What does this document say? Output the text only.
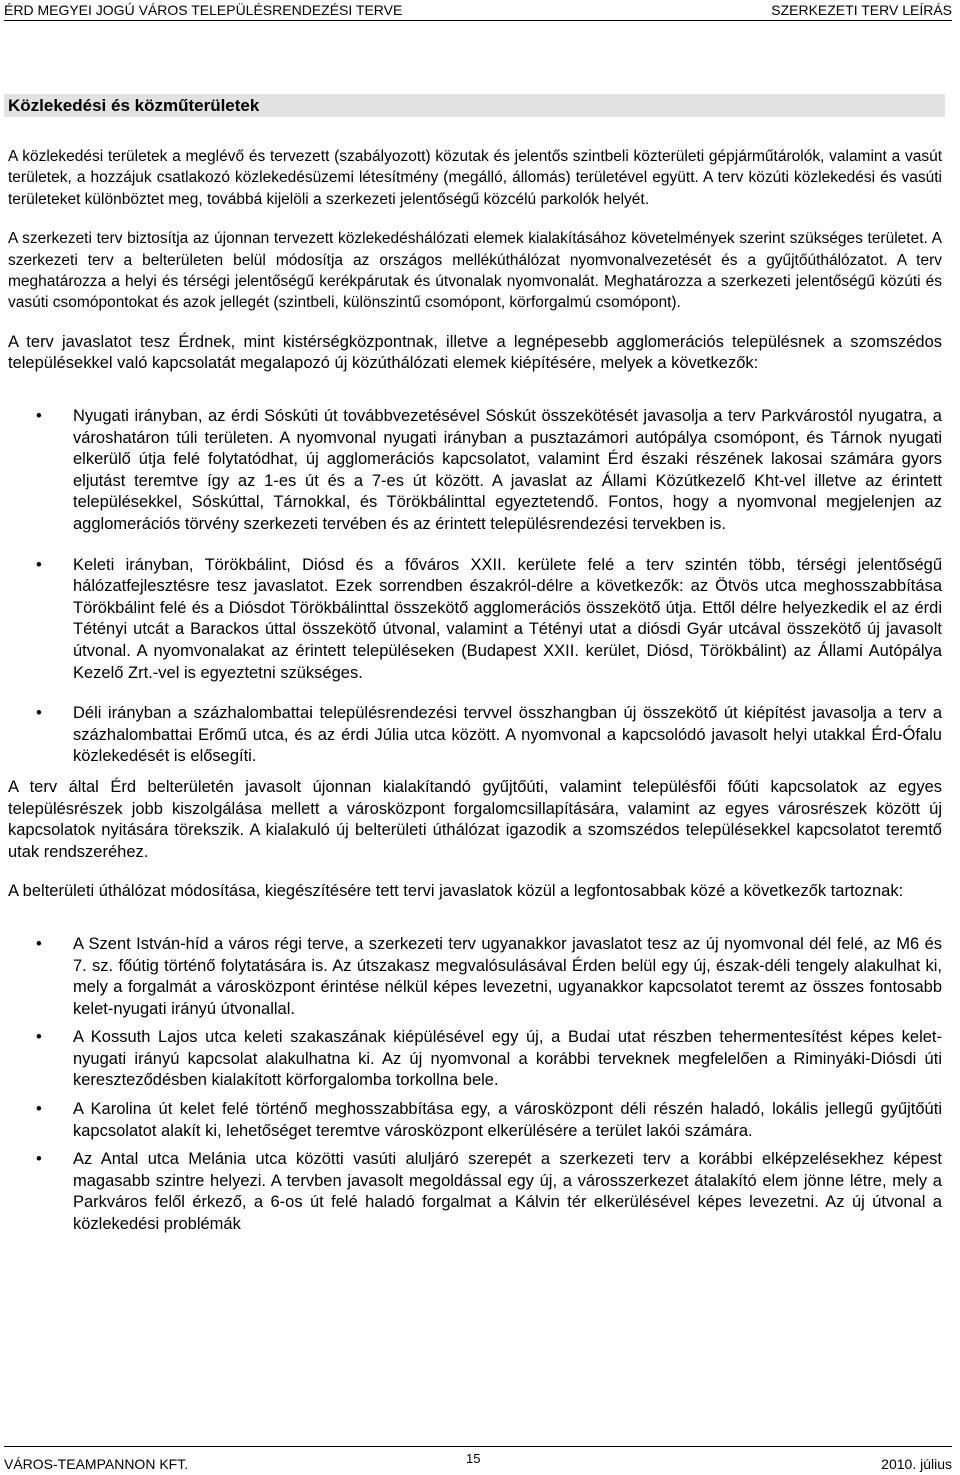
ÉRD MEGYEI JOGÚ VÁROS TELEPÜLÉSRENDEZÉSI TERVE	SZERKEZETI TERV LEÍRÁS
Közlekedési és közműterületek

A közlekedési területek a meglévő és tervezett (szabályozott) közutak és jelentős szintbeli közterületi gépjárműtárolók, valamint a vasút területek, a hozzájuk csatlakozó közlekedésüzemi létesítmény (megálló, állomás) területével együtt. A terv közúti közlekedési és vasúti területeket különböztet meg, továbbá kijelöli a szerkezeti jelentőségű közcélú parkolók helyét.

A szerkezeti terv biztosítja az újonnan tervezett közlekedéshálózati elemek kialakításához követelmények szerint szükséges területet. A szerkezeti terv a belterületen belül módosítja az országos mellékúthálózat nyomvonalvezetését és a gyűjtőúthálózatot. A terv meghatározza a helyi és térségi jelentőségű kerékpárutak és útvonalak nyomvonalát. Meghatározza a szerkezeti jelentőségű közúti és vasúti csomópontokat és azok jellegét (szintbeli, különszintű csomópont, körforgalmú csomópont).

A terv javaslatot tesz Érdnek, mint kistérségközpontnak, illetve a legnépesebb agglomerációs településnek a szomszédos településekkel való kapcsolatát megalapozó új közúthálózati elemek kiépítésére, melyek a következők:

• Nyugati irányban, az érdi Sóskúti út továbbvezetésével Sóskút összekötését javasolja a terv Parkvárostól nyugatra, a városhatáron túli területen. A nyomvonal nyugati irányban a pusztazámori autópálya csomópont, és Tárnok nyugati elkerülő útja felé folytatódhat, új agglomerációs kapcsolatot, valamint Érd északi részének lakosai számára gyors eljutást teremtve így az 1-es út és a 7-es út között. A javaslat az Állami Közútkezelő Kht-vel illetve az érintett településekkel, Sóskúttal, Tárnokkal, és Törökbálinttal egyeztetendő. Fontos, hogy a nyomvonal megjelenjen az agglomerációs törvény szerkezeti tervében és az érintett településrendezési tervekben is.
• Keleti irányban, Törökbálint, Diósd és a főváros XXII. kerülete felé a terv szintén több, térségi jelentőségű hálózatfejlesztésre tesz javaslatot. Ezek sorrendben északról-délre a következők: az Ötvös utca meghosszabbítása Törökbálint felé és a Diósdot Törökbálinttal összekötő agglomerációs összekötő útja. Ettől délre helyezkedik el az érdi Tétényi utcát a Barackos úttal összekötő útvonal, valamint a Tétényi utat a diósdi Gyár utcával összekötő új javasolt útvonal. A nyomvonalakat az érintett településeken (Budapest XXII. kerület, Diósd, Törökbálint) az Állami Autópálya Kezelő Zrt.-vel is egyeztetni szükséges.
• Déli irányban a százhalombattai településrendezési tervvel összhangban új összekötő út kiépítést javasolja a terv a százhalombattai Erőmű utca, és az érdi Júlia utca között. A nyomvonal a kapcsolódó javasolt helyi utakkal Érd-Ófalu közlekedését is elősegíti.

A terv által Érd belterületén javasolt újonnan kialakítandó gyűjtőúti, valamint településfői főúti kapcsolatok az egyes településrészek jobb kiszolgálása mellett a városközpont forgalomcsillapítására, valamint az egyes városrészek között új kapcsolatok nyitására törekszik. A kialakuló új belterületi úthálózat igazodik a szomszédos településekkel kapcsolatot teremtő utak rendszeréhez.

A belterületi úthálózat módosítása, kiegészítésére tett tervi javaslatok közül a legfontosabbak közé a következők tartoznak:

• A Szent István-híd a város régi terve, a szerkezeti terv ugyanakkor javaslatot tesz az új nyomvonal dél felé, az M6 és 7. sz. főútig történő folytatására is. Az útszakasz megvalósulásával Érden belül egy új, észak-déli tengely alakulhat ki, mely a forgalmát a városközpont érintése nélkül képes levezetni, ugyanakkor kapcsolatot teremt az összes fontosabb kelet-nyugati irányú útvonallal.
• A Kossuth Lajos utca keleti szakaszának kiépülésével egy új, a Budai utat részben tehermentesítést képes kelet-nyugati irányú kapcsolat alakulhatna ki. Az új nyomvonal a korábbi terveknek megfelelően a Riminyáki-Diósdi úti kereszteződésben kialakított körforgalomba torkollna bele.
• A Karolina út kelet felé történő meghosszabbítása egy, a városközpont déli részén haladó, lokális jellegű gyűjtőúti kapcsolatot alakít ki, lehetőséget teremtve városközpont elkerülésére a terület lakói számára.
• Az Antal utca Melánia utca közötti vasúti aluljáró szerepét a szerkezeti terv a korábbi elképzelésekhez képest magasabb szintre helyezi. A tervben javasolt megoldással egy új, a városszerkezet átalakító elem jönne létre, mely a Parkváros felől érkező, a 6-os út felé haladó forgalmat a Kálvin tér elkerülésével képes levezetni. Az új útvonal a közlekedési problémák
VÁROS-TEAMPANNON KFT.	15	2010. július
